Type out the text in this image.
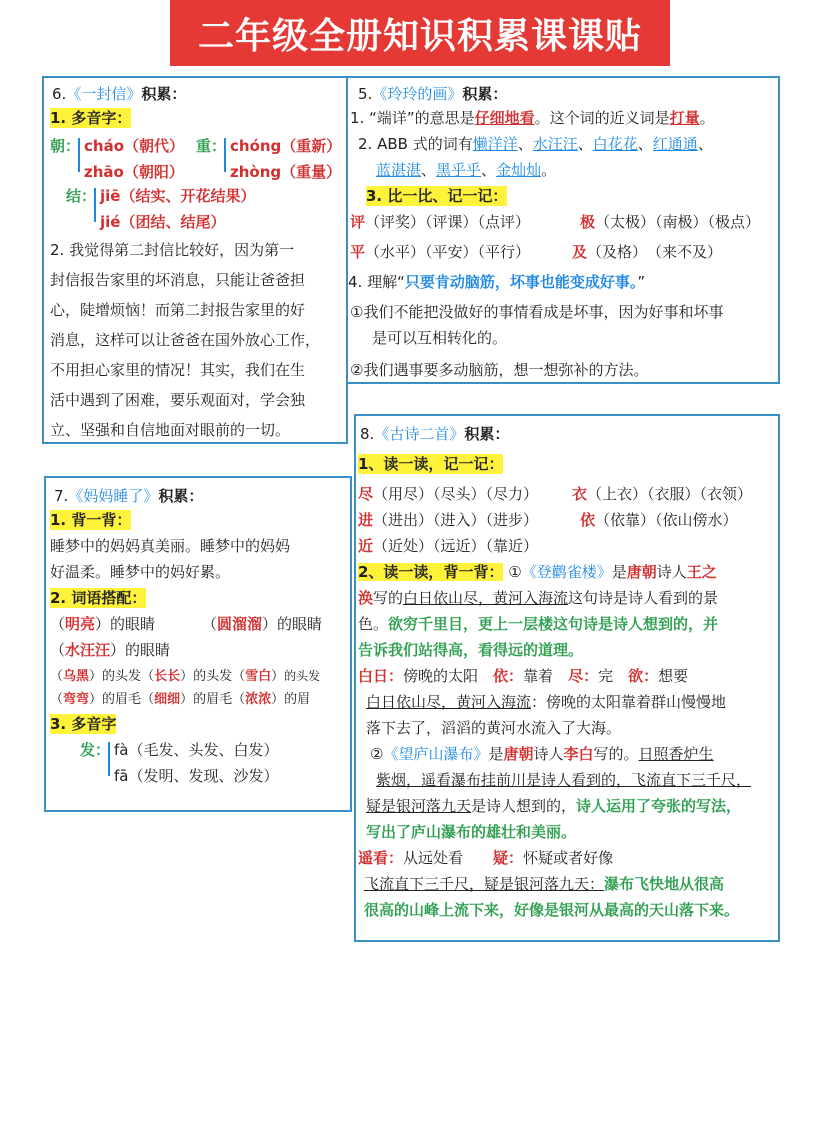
二年级全册知识积累课课贴
6.《一封信》积累：
1. 多音字：
朝： cháo（朝代）
zhāo（朝阳）
重： chóng（重新）
zhòng（重量）
结： jiē（结实、开花结果）
jié（团结、结尾）
2. 我觉得第二封信比较好，因为第一
封信报告家里的坏消息，只能让爸爸担
心，陡增烦恼！而第二封报告家里的好
消息，这样可以让爸爸在国外放心工作，
不用担心家里的情况！其实，我们在生
活中遇到了困难，要乐观面对，学会独
立、坚强和自信地面对眼前的一切。
5.《玲玲的画》积累：
1. “端详”的意思是仔细地看。这个词的近义词是打量。
2. ABB 式的词有懒洋洋、水汪汪、白花花、红通通、
蓝湛湛、黑乎乎、金灿灿。
3. 比一比、记一记：
评（评奖）（评课）（点评）	极（太极）（南极）（极点）
平（水平）（平安）（平行）	及（及格）　（来不及）
4. 理解“只要肯动脑筋，坏事也能变成好事。”
①我们不能把没做好的事情看成是坏事，因为好事和坏事
是可以互相转化的。
②我们遇事要多动脑筋，想一想弥补的方法。
7.《妈妈睡了》积累：
1. 背一背：
睡梦中的妈妈真美丽。睡梦中的妈妈
好温柔。睡梦中的妈好累。
2. 词语搭配：
（明亮）的眼睛	（圆溜溜）的眼睛
（水汪汪）的眼睛
（乌黑）的头发（长长）的头发（雪白）的头发
（弯弯）的眉毛（细细）的眉毛（浓浓）的眉
3. 多音字
发： fà（毛发、头发、白发）
fā（发明、发现、沙发）
8.《古诗二首》积累：
1、读一读，记一记：
尽（用尽）（尽头）（尽力） 衣（上衣）（衣服）（衣领）
进（进出）（进入）（进步）	依（依靠）（依山傍水）
近（近处）（远近）（靠近）
2、读一读，背一背： ①《登鹳雀楼》是唐朝诗人王之
涣写的白日依山尽，黄河入海流这句诗是诗人看到的景
色。欲穷千里目，更上一层楼这句诗是诗人想到的，并
告诉我们站得高，看得远的道理。
白日：傍晚的太阳　 依：靠着　 尽：完　 欲：想要
白日依山尽，黄河入海流：傍晚的太阳靠着群山慢慢地
落下去了，滔滔的黄河水流入了大海。
②《望庐山瀑布》是唐朝诗人李白写的。日照香炉生
紫烟，遥看瀑布挂前川是诗人看到的，飞流直下三千尺，
疑是银河落九天是诗人想到的，诗人运用了夸张的写法，
写出了庐山瀑布的雄壮和美丽。
遥看：从远处看　　 疑：怀疑或者好像
飞流直下三千尺，疑是银河落九天：瀑布飞快地从很高
很高的山峰上流下来，好像是银河从最高的天山落下来。
